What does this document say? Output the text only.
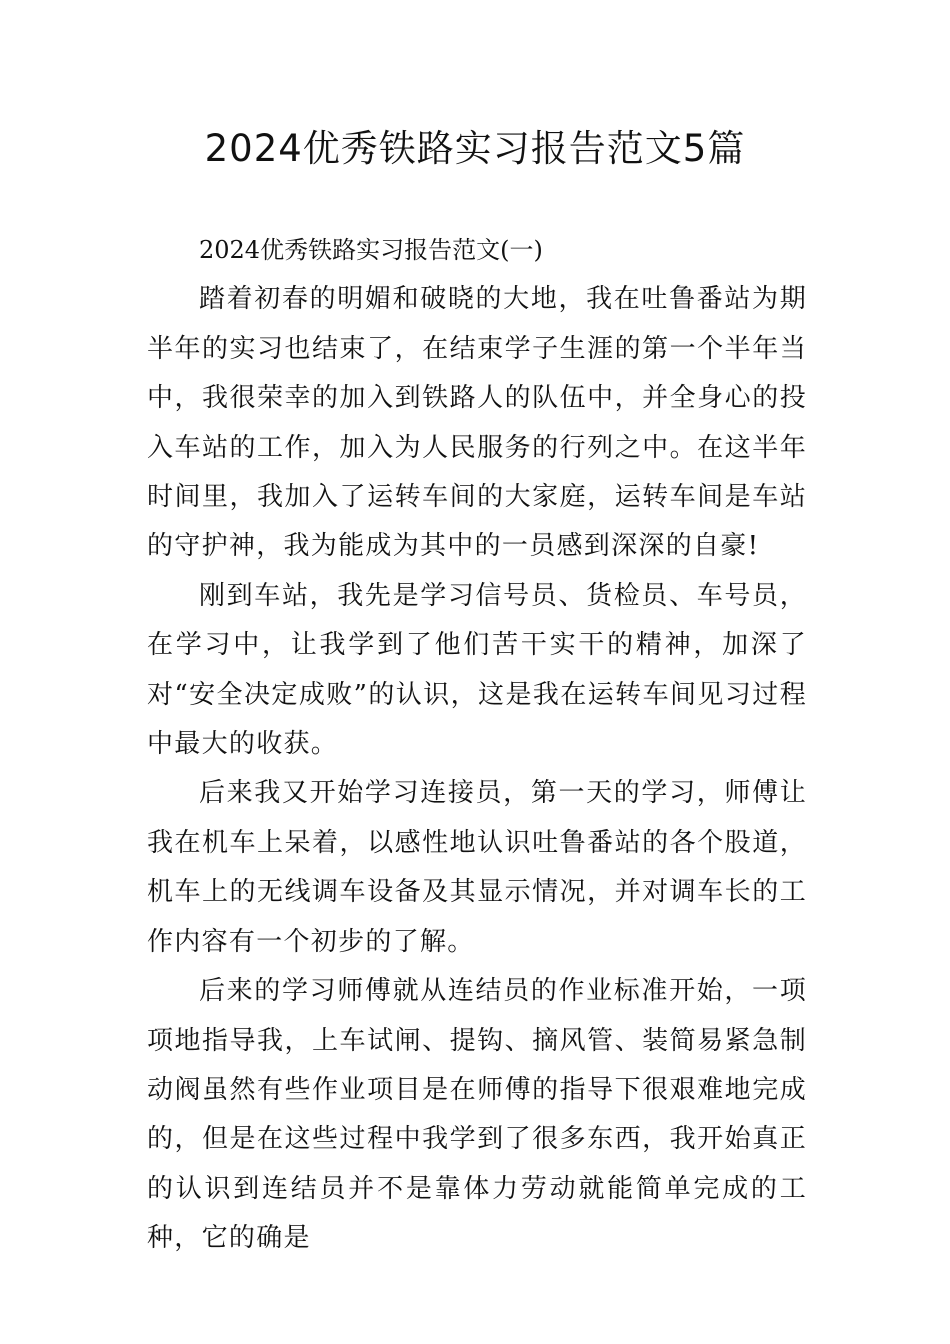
2024优秀铁路实习报告范文5篇

2024优秀铁路实习报告范文(一)

踏着初春的明媚和破晓的大地，我在吐鲁番站为期半年的实习也结束了，在结束学子生涯的第一个半年当中，我很荣幸的加入到铁路人的队伍中，并全身心的投入车站的工作，加入为人民服务的行列之中。在这半年时间里，我加入了运转车间的大家庭，运转车间是车站的守护神，我为能成为其中的一员感到深深的自豪!

刚到车站，我先是学习信号员、货检员、车号员，在学习中，让我学到了他们苦干实干的精神，加深了对“安全决定成败”的认识，这是我在运转车间见习过程中最大的收获。

后来我又开始学习连接员，第一天的学习，师傅让我在机车上呆着，以感性地认识吐鲁番站的各个股道，机车上的无线调车设备及其显示情况，并对调车长的工作内容有一个初步的了解。

后来的学习师傅就从连结员的作业标准开始，一项项地指导我，上车试闸、提钩、摘风管、装简易紧急制动阀虽然有些作业项目是在师傅的指导下很艰难地完成的，但是在这些过程中我学到了很多东西，我开始真正的认识到连结员并不是靠体力劳动就能简单完成的工种，它的确是
